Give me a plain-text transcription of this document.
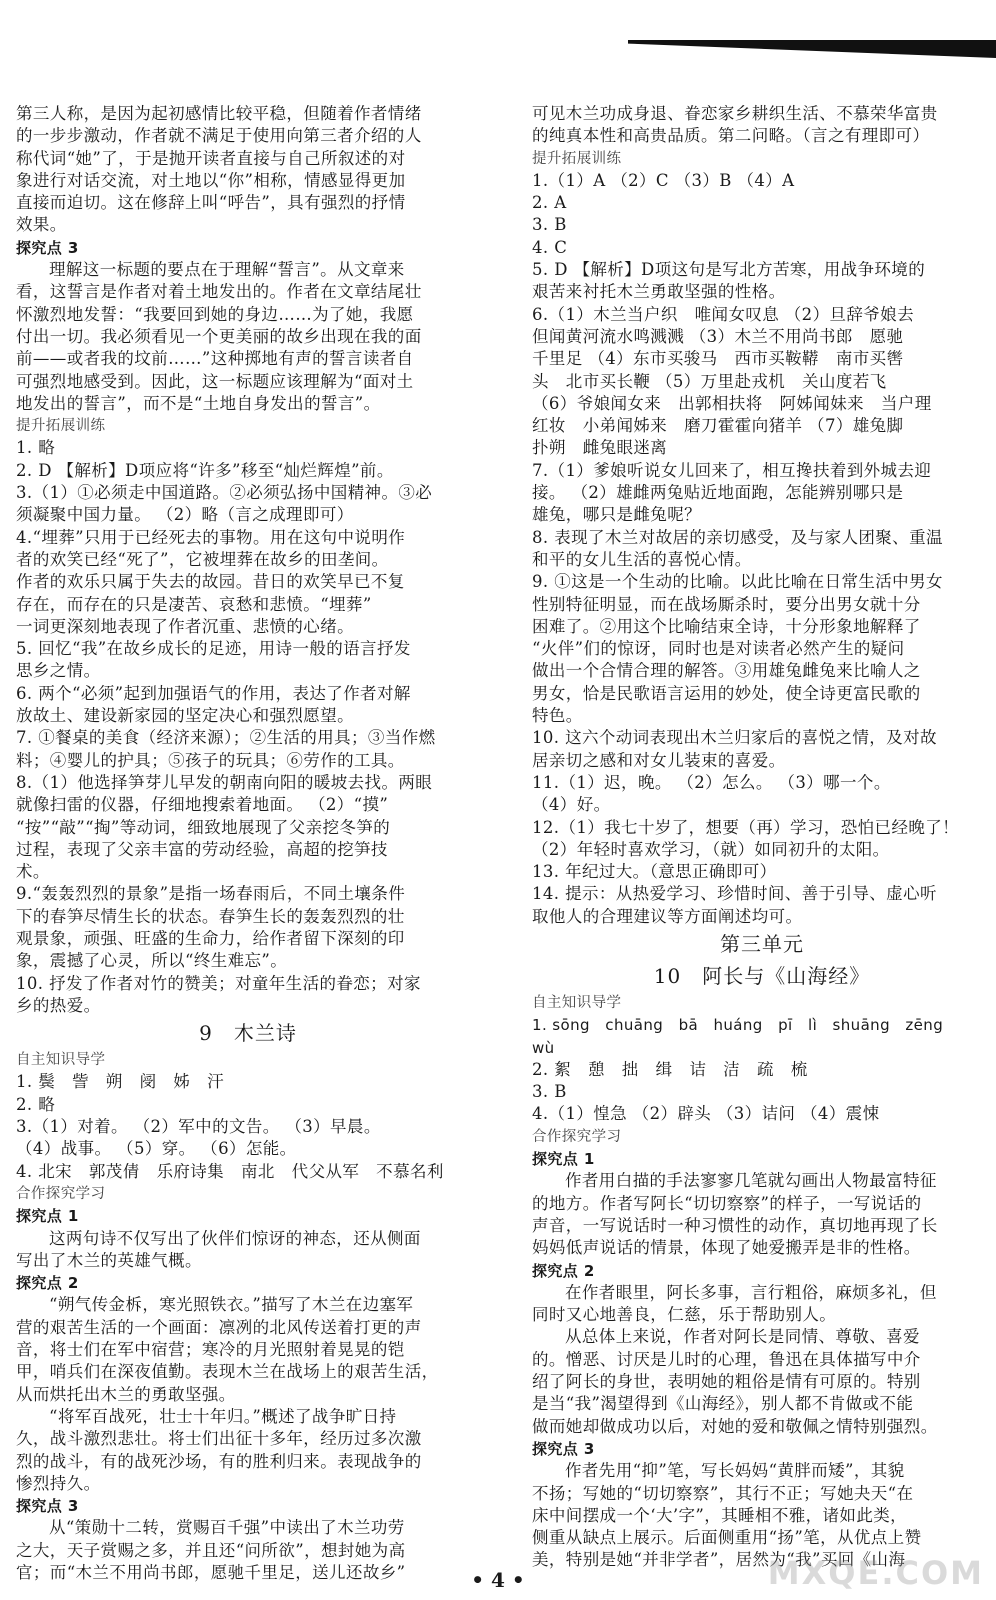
第三人称，是因为起初感情比较平稳，但随着作者情绪

的一步步激动，作者就不满足于使用向第三者介绍的人

称代词“她”了，于是抛开读者直接与自己所叙述的对

象进行对话交流，对土地以“你”相称，情感显得更加

直接而迫切。这在修辞上叫“呼告”，具有强烈的抒情

效果。

探究点 3

理解这一标题的要点在于理解“誓言”。从文章来

看，这誓言是作者对着土地发出的。作者在文章结尾壮

怀激烈地发誓：“我要回到她的身边……为了她，我愿

付出一切。我必须看见一个更美丽的故乡出现在我的面

前——或者我的坟前……”这种掷地有声的誓言读者自

可强烈地感受到。因此，这一标题应该理解为“面对土

地发出的誓言”，而不是“土地自身发出的誓言”。

提升拓展训练

1. 略

2. D 【解析】D项应将“许多”移至“灿烂辉煌”前。

3.（1）①必须走中国道路。②必须弘扬中国精神。③必

须凝聚中国力量。 （2）略（言之成理即可）

4.“埋葬”只用于已经死去的事物。用在这句中说明作

者的欢笑已经“死了”，它被埋葬在故乡的田垄间。

作者的欢乐只属于失去的故园。昔日的欢笑早已不复

存在，而存在的只是凄苦、哀愁和悲愤。“埋葬”

一词更深刻地表现了作者沉重、悲愤的心绪。

5. 回忆“我”在故乡成长的足迹，用诗一般的语言抒发

思乡之情。

6. 两个“必须”起到加强语气的作用，表达了作者对解

放故土、建设新家园的坚定决心和强烈愿望。

7. ①餐桌的美食（经济来源）；②生活的用具；③当作燃

料；④婴儿的护具；⑤孩子的玩具；⑥劳作的工具。

8.（1）他选择笋芽儿早发的朝南向阳的暖坡去找。两眼

就像扫雷的仪器，仔细地搜索着地面。 （2）“摸”

“按”“敲”“掏”等动词，细致地展现了父亲挖冬笋的

过程，表现了父亲丰富的劳动经验，高超的挖笋技

术。

9.“轰轰烈烈的景象”是指一场春雨后，不同土壤条件

下的春笋尽情生长的状态。春笋生长的轰轰烈烈的壮

观景象，顽强、旺盛的生命力，给作者留下深刻的印

象，震撼了心灵，所以“终生难忘”。

10. 抒发了作者对竹的赞美；对童年生活的眷恋；对家

乡的热爱。

9　木兰诗

自主知识导学

1. 鬓　訾　朔　阌　姊　汗

2. 略

3.（1）对着。 （2）军中的文告。 （3）早晨。

（4）战事。 （5）穿。 （6）怎能。

4. 北宋　郭茂倩　乐府诗集　南北　代父从军　不慕名利

合作探究学习

探究点 1

这两句诗不仅写出了伙伴们惊讶的神态，还从侧面

写出了木兰的英雄气概。

探究点 2

“朔气传金柝，寒光照铁衣。”描写了木兰在边塞军

营的艰苦生活的一个画面：凛冽的北风传送着打更的声

音，将士们在军中宿营；寒冷的月光照射着晃晃的铠

甲，哨兵们在深夜值勤。表现木兰在战场上的艰苦生活，

从而烘托出木兰的勇敢坚强。

“将军百战死，壮士十年归。”概述了战争旷日持

久，战斗激烈悲壮。将士们出征十多年，经历过多次激

烈的战斗，有的战死沙场，有的胜利归来。表现战争的

惨烈持久。

探究点 3

从“策勋十二转，赏赐百千强”中读出了木兰功劳

之大，天子赏赐之多，并且还“问所欲”，想封她为高

官；而“木兰不用尚书郎，愿驰千里足，送儿还故乡”

可见木兰功成身退、眷恋家乡耕织生活、不慕荣华富贵

的纯真本性和高贵品质。第二问略。（言之有理即可）

提升拓展训练

1.（1）A （2）C （3）B （4）A

2. A

3. B

4. C

5. D 【解析】D项这句是写北方苦寒，用战争环境的

艰苦来衬托木兰勇敢坚强的性格。

6.（1）木兰当户织　唯闻女叹息 （2）旦辞爷娘去

但闻黄河流水鸣溅溅 （3）木兰不用尚书郎　愿驰

千里足 （4）东市买骏马　西市买鞍鞯　南市买辔

头　北市买长鞭 （5）万里赴戎机　关山度若飞

（6）爷娘闻女来　出郭相扶将　阿姊闻妹来　当户理

红妆　小弟闻姊来　磨刀霍霍向猪羊 （7）雄兔脚

扑朔　雌兔眼迷离

7.（1）爹娘听说女儿回来了，相互搀扶着到外城去迎

接。 （2）雄雌两兔贴近地面跑，怎能辨别哪只是

雄兔，哪只是雌兔呢？

8. 表现了木兰对故居的亲切感受，及与家人团聚、重温

和平的女儿生活的喜悦心情。

9. ①这是一个生动的比喻。以此比喻在日常生活中男女

性别特征明显，而在战场厮杀时，要分出男女就十分

困难了。②用这个比喻结束全诗，十分形象地解释了

“火伴”们的惊讶，同时也是对读者必然产生的疑问

做出一个合情合理的解答。③用雄兔雌兔来比喻人之

男女，恰是民歌语言运用的妙处，使全诗更富民歌的

特色。

10. 这六个动词表现出木兰归家后的喜悦之情，及对故

居亲切之感和对女儿装束的喜爱。

11.（1）迟，晚。 （2）怎么。 （3）哪一个。

（4）好。

12.（1）我七十岁了，想要（再）学习，恐怕已经晚了！

（2）年轻时喜欢学习，（就）如同初升的太阳。

13. 年纪过大。（意思正确即可）

14. 提示：从热爱学习、珍惜时间、善于引导、虚心听

取他人的合理建议等方面阐述均可。

第三单元

10　阿长与《山海经》

自主知识导学

1. sōng　chuāng　bā　huáng　pī　lì　shuāng　zēng

wù

2. 絮　憩　拙　缉　诘　洁　疏　梳

3. B

4.（1）惶急 （2）辟头 （3）诘问 （4）震悚

合作探究学习

探究点 1

作者用白描的手法寥寥几笔就勾画出人物最富特征

的地方。作者写阿长“切切察察”的样子，一写说话的

声音，一写说话时一种习惯性的动作，真切地再现了长

妈妈低声说话的情景，体现了她爱搬弄是非的性格。

探究点 2

在作者眼里，阿长多事，言行粗俗，麻烦多礼，但

同时又心地善良，仁慈，乐于帮助别人。

从总体上来说，作者对阿长是同情、尊敬、喜爱

的。憎恶、讨厌是儿时的心理，鲁迅在具体描写中介

绍了阿长的身世，表明她的粗俗是情有可原的。特别

是当“我”渴望得到《山海经》，别人都不肯做或不能

做而她却做成功以后，对她的爱和敬佩之情特别强烈。

探究点 3

作者先用“抑”笔，写长妈妈“黄胖而矮”，其貌

不扬；写她的“切切察察”，其行不正；写她夬天“在

床中间摆成一个‘大’字”，其睡相不雅，诸如此类，

侧重从缺点上展示。后面侧重用“扬”笔，从优点上赞

美，特别是她“并非学者”，居然为“我”买回《山海

• 4 •	MXQE.COM
